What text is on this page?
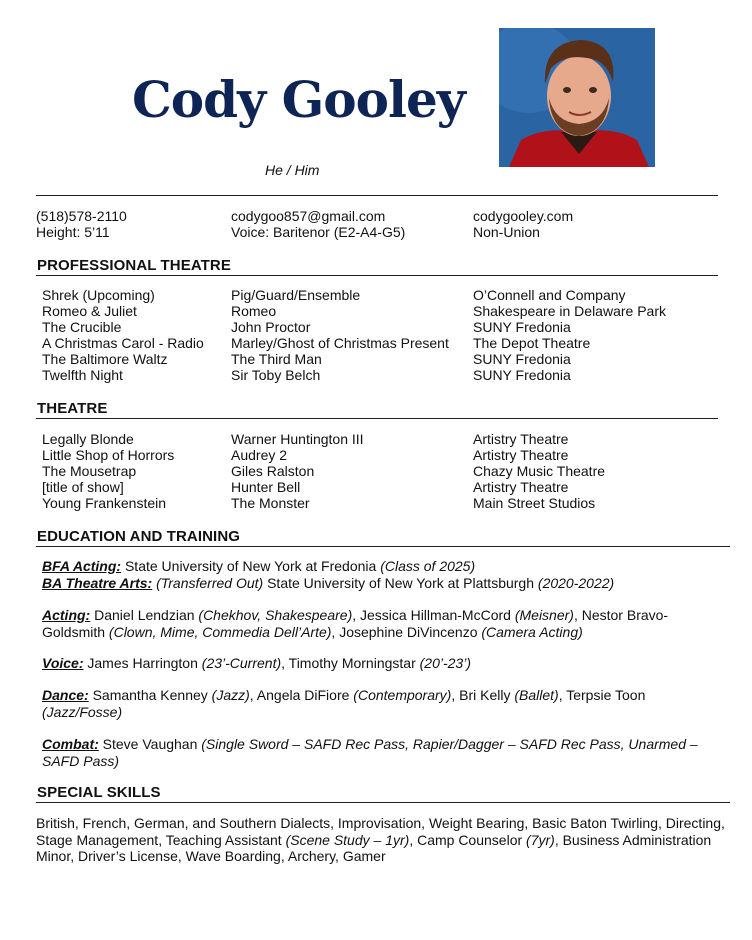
Cody Gooley
He / Him
(518)578-2110
Height: 5’11
codygoo857@gmail.com
Voice: Baritenor (E2-A4-G5)
codygooley.com
Non-Union
PROFESSIONAL THEATRE
Shrek (Upcoming)
Romeo & Juliet
The Crucible
A Christmas Carol - Radio
The Baltimore Waltz
Twelfth Night
Pig/Guard/Ensemble
Romeo
John Proctor
Marley/Ghost of Christmas Present
The Third Man
Sir Toby Belch
O’Connell and Company
Shakespeare in Delaware Park
SUNY Fredonia
The Depot Theatre
SUNY Fredonia
SUNY Fredonia
THEATRE
Legally Blonde
Little Shop of Horrors
The Mousetrap
[title of show]
Young Frankenstein
Warner Huntington III
Audrey 2
Giles Ralston
Hunter Bell
The Monster
Artistry Theatre
Artistry Theatre
Chazy Music Theatre
Artistry Theatre
Main Street Studios
EDUCATION AND TRAINING
BFA Acting: State University of New York at Fredonia (Class of 2025)
BA Theatre Arts: (Transferred Out) State University of New York at Plattsburgh (2020-2022)
Acting: Daniel Lendzian (Chekhov, Shakespeare), Jessica Hillman-McCord (Meisner), Nestor Bravo-Goldsmith (Clown, Mime, Commedia Dell’Arte), Josephine DiVincenzo (Camera Acting)
Voice: James Harrington (23’-Current), Timothy Morningstar (20’-23’)
Dance: Samantha Kenney (Jazz), Angela DiFiore (Contemporary), Bri Kelly (Ballet), Terpsie Toon (Jazz/Fosse)
Combat: Steve Vaughan (Single Sword – SAFD Rec Pass, Rapier/Dagger – SAFD Rec Pass, Unarmed – SAFD Pass)
SPECIAL SKILLS
British, French, German, and Southern Dialects, Improvisation, Weight Bearing, Basic Baton Twirling, Directing, Stage Management, Teaching Assistant (Scene Study – 1yr), Camp Counselor (7yr), Business Administration Minor, Driver’s License, Wave Boarding, Archery, Gamer
